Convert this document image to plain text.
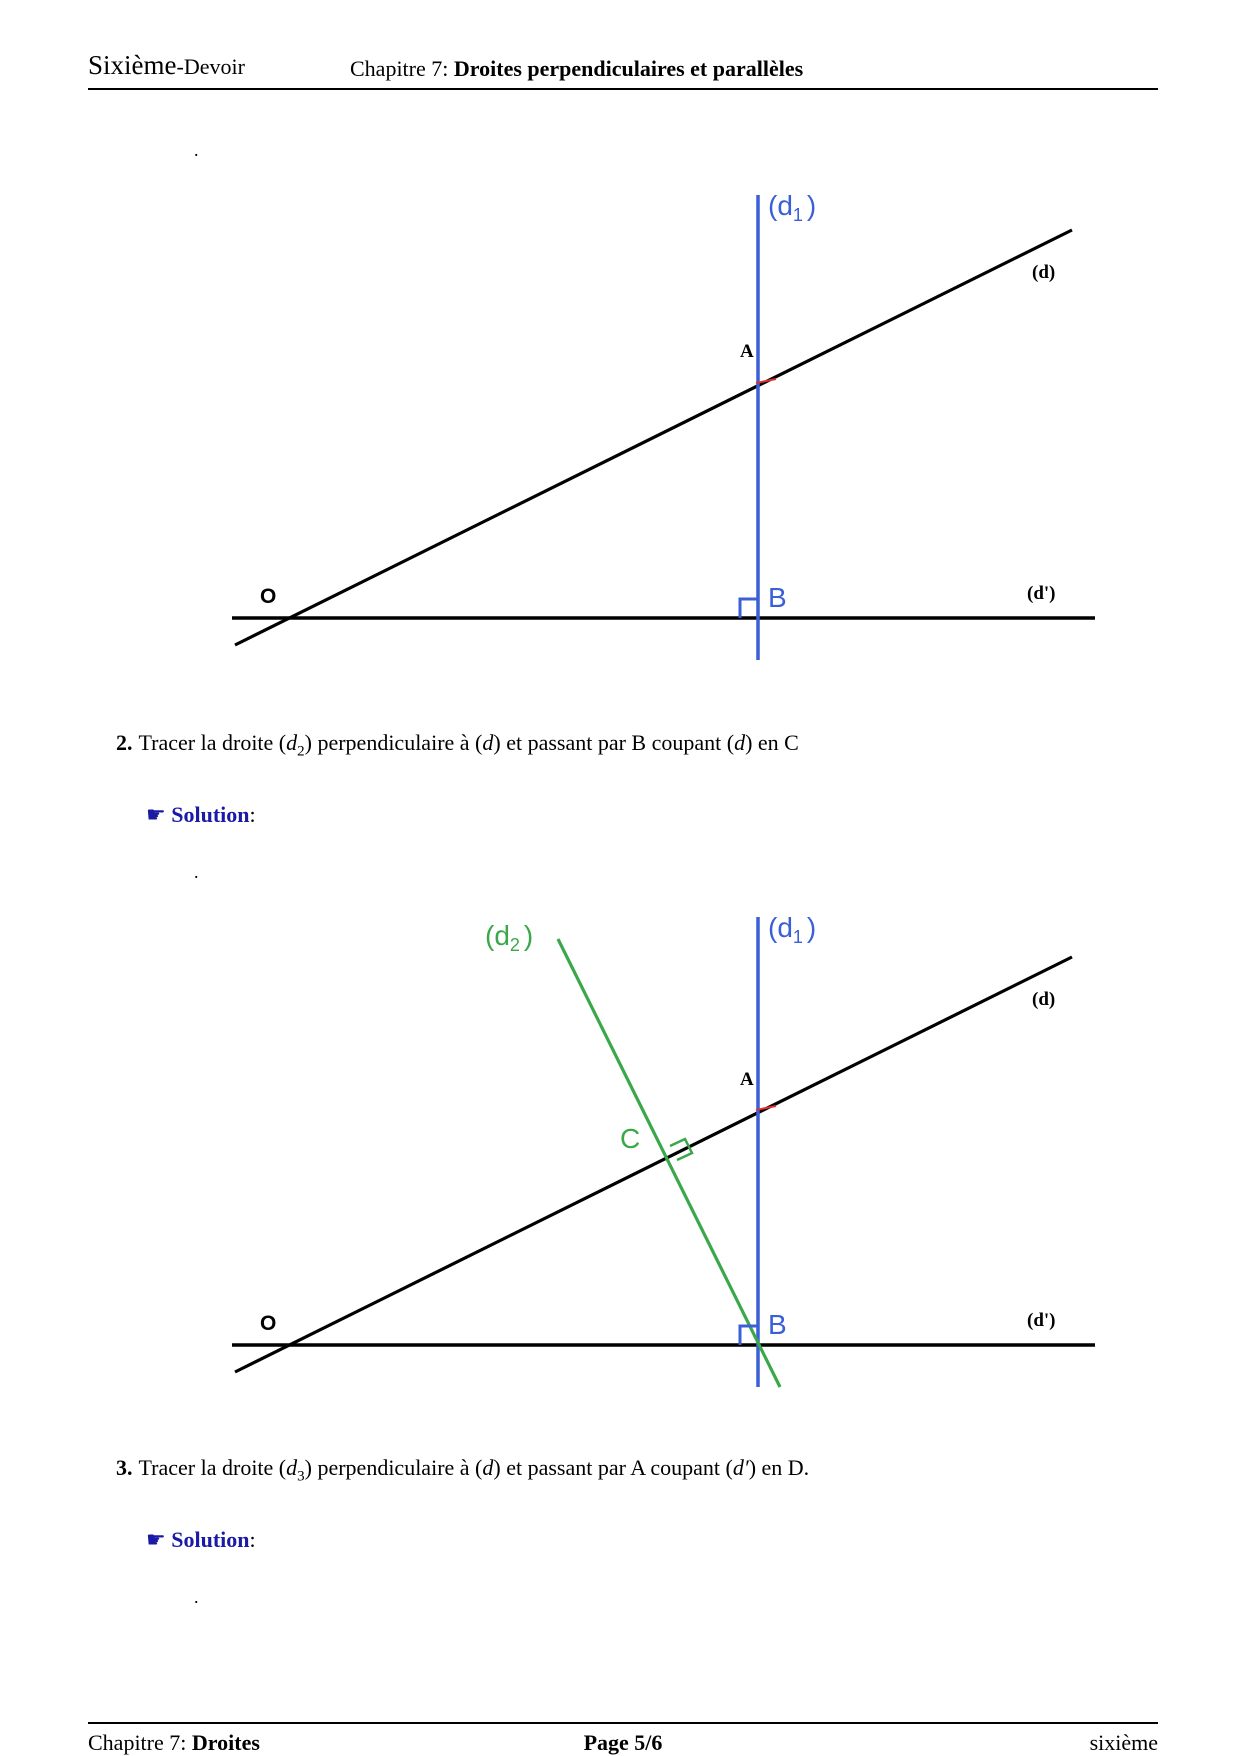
Sixième-Devoir	Chapitre 7: Droites perpendiculaires et parallèles
.
($d_1$ )
(d)
A
O	B	(d')
2. Tracer la droite $(d_2)$ perpendiculaire à (d) et passant par B coupant (d) en C
☛ Solution:
.
($d_2$ )	($d_1$ )
(d)
A
C
O	B	(d')
3. Tracer la droite $(d_3)$ perpendiculaire à (d) et passant par A coupant (d′) en D.
☛ Solution:
.
Chapitre 7: Droites	Page 5/6	sixième
